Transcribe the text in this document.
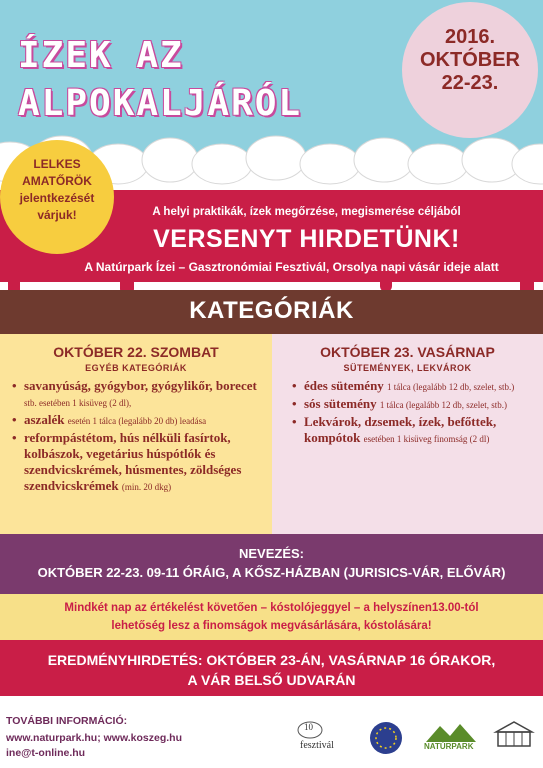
ÍZEK AZ
ALPOKALJÁRÓL
2016.
OKTÓBER
22-23.
A helyi praktikák, ízek megőrzése, megismerése céljából
VERSENYT HIRDETÜNK!
A Natúrpark Ízei – Gasztronómiai Fesztivál, Orsolya napi vásár ideje alatt
LELKES
AMATŐRÖK
jelentkezését
várjuk!
KATEGÓRIÁK
OKTÓBER 22. SZOMBAT
EGYÉB KATEGÓRIÁK
OKTÓBER 23. VASÁRNAP
SÜTEMÉNYEK, LEKVÁROK
• savanyúság, gyógybor, gyógylikőr, borecet stb. esetében 1 kisüveg (2 dl),
• aszalék esetén 1 tálca (legalább 20 db) leadása
• reformpástétom, hús nélküli fasírtok, kolbászok, vegetárius húspótlók és szendvicskrémek, húsmentes, zöldséges szendvicskrémek (min. 20 dkg)
• édes sütemény 1 tálca (legalább 12 db, szelet, stb.)
• sós sütemény 1 tálca (legalább 12 db, szelet, stb.)
• Lekvárok, dzsemek, ízek, befőttek, kompótok esetében 1 kisüveg finomság (2 dl)
NEVEZÉS:
OKTÓBER 22-23. 09-11 ÓRÁIG, A KŐSZ-HÁZBAN (JURISICS-VÁR, ELŐVÁR)
Mindkét nap az értékelést követően – kóstolójeggyel – a helyszínen13.00-tól
lehetőség lesz a finomságok megvásárlására, kóstolására!
EREDMÉNYHIRDETÉS: OKTÓBER 23-ÁN, VASÁRNAP 16 ÓRAKOR,
A VÁR BELSŐ UDVARÁN
TOVÁBBI INFORMÁCIÓ:
www.naturpark.hu; www.koszeg.hu
ine@t-online.hu
10
fesztivál	NATÚRPARK
